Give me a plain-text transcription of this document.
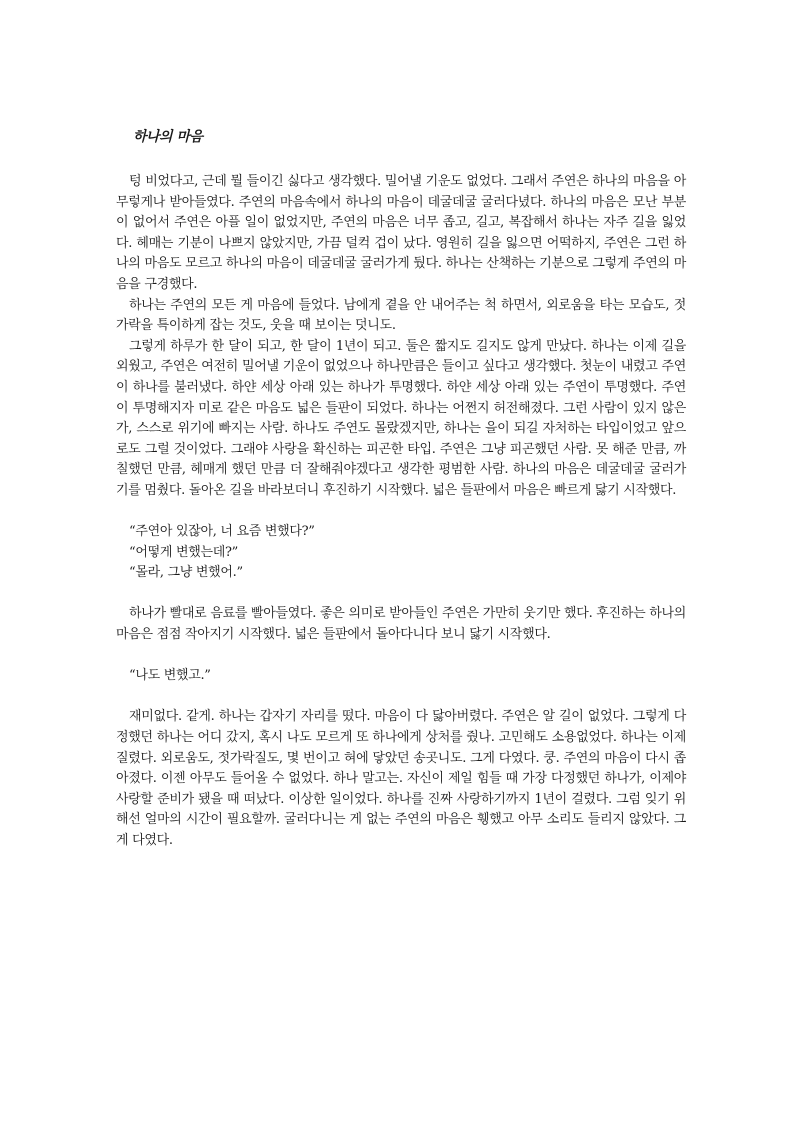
하나의 마음

텅 비었다고, 근데 뭘 들이긴 싫다고 생각했다. 밀어낼 기운도 없었다. 그래서 주연은 하나의 마음을 아무렇게나 받아들였다. 주연의 마음속에서 하나의 마음이 데굴데굴 굴러다녔다. 하나의 마음은 모난 부분이 없어서 주연은 아플 일이 없었지만, 주연의 마음은 너무 좁고, 길고, 복잡해서 하나는 자주 길을 잃었다. 헤매는 기분이 나쁘지 않았지만, 가끔 덜컥 겁이 났다. 영원히 길을 잃으면 어떡하지, 주연은 그런 하나의 마음도 모르고 하나의 마음이 데굴데굴 굴러가게 뒀다. 하나는 산책하는 기분으로 그렇게 주연의 마음을 구경했다.

하나는 주연의 모든 게 마음에 들었다. 남에게 곁을 안 내어주는 척 하면서, 외로움을 타는 모습도, 젓가락을 특이하게 잡는 것도, 웃을 때 보이는 덧니도.

그렇게 하루가 한 달이 되고, 한 달이 1년이 되고. 둘은 짧지도 길지도 않게 만났다. 하나는 이제 길을 외웠고, 주연은 여전히 밀어낼 기운이 없었으나 하나만큼은 들이고 싶다고 생각했다. 첫눈이 내렸고 주연이 하나를 불러냈다. 하얀 세상 아래 있는 하나가 투명했다. 하얀 세상 아래 있는 주연이 투명했다. 주연이 투명해지자 미로 같은 마음도 넓은 들판이 되었다. 하나는 어쩐지 허전해졌다. 그런 사람이 있지 않은가, 스스로 위기에 빠지는 사람. 하나도 주연도 몰랐겠지만, 하나는 을이 되길 자처하는 타입이었고 앞으로도 그럴 것이었다. 그래야 사랑을 확신하는 피곤한 타입. 주연은 그냥 피곤했던 사람. 못 해준 만큼, 까칠했던 만큼, 헤매게 했던 만큼 더 잘해줘야겠다고 생각한 평범한 사람. 하나의 마음은 데굴데굴 굴러가기를 멈췄다. 돌아온 길을 바라보더니 후진하기 시작했다. 넓은 들판에서 마음은 빠르게 닳기 시작했다.

“주연아 있잖아, 너 요즘 변했다?”

“어떻게 변했는데?”

“몰라, 그냥 변했어.”

하나가 빨대로 음료를 빨아들였다. 좋은 의미로 받아들인 주연은 가만히 웃기만 했다. 후진하는 하나의 마음은 점점 작아지기 시작했다. 넓은 들판에서 돌아다니다 보니 닳기 시작했다.

“나도 변했고.”

재미없다. 같게. 하나는 갑자기 자리를 떴다. 마음이 다 닳아버렸다. 주연은 알 길이 없었다. 그렇게 다정했던 하나는 어디 갔지, 혹시 나도 모르게 또 하나에게 상처를 줬나. 고민해도 소용없었다. 하나는 이제 질렸다. 외로움도, 젓가락질도, 몇 번이고 혀에 닿았던 송곳니도. 그게 다였다. 쿵. 주연의 마음이 다시 좁아졌다. 이젠 아무도 들어올 수 없었다. 하나 말고는. 자신이 제일 힘들 때 가장 다정했던 하나가, 이제야 사랑할 준비가 됐을 때 떠났다. 이상한 일이었다. 하나를 진짜 사랑하기까지 1년이 걸렸다. 그럼 잊기 위해선 얼마의 시간이 필요할까. 굴러다니는 게 없는 주연의 마음은 휑했고 아무 소리도 들리지 않았다. 그게 다였다.
